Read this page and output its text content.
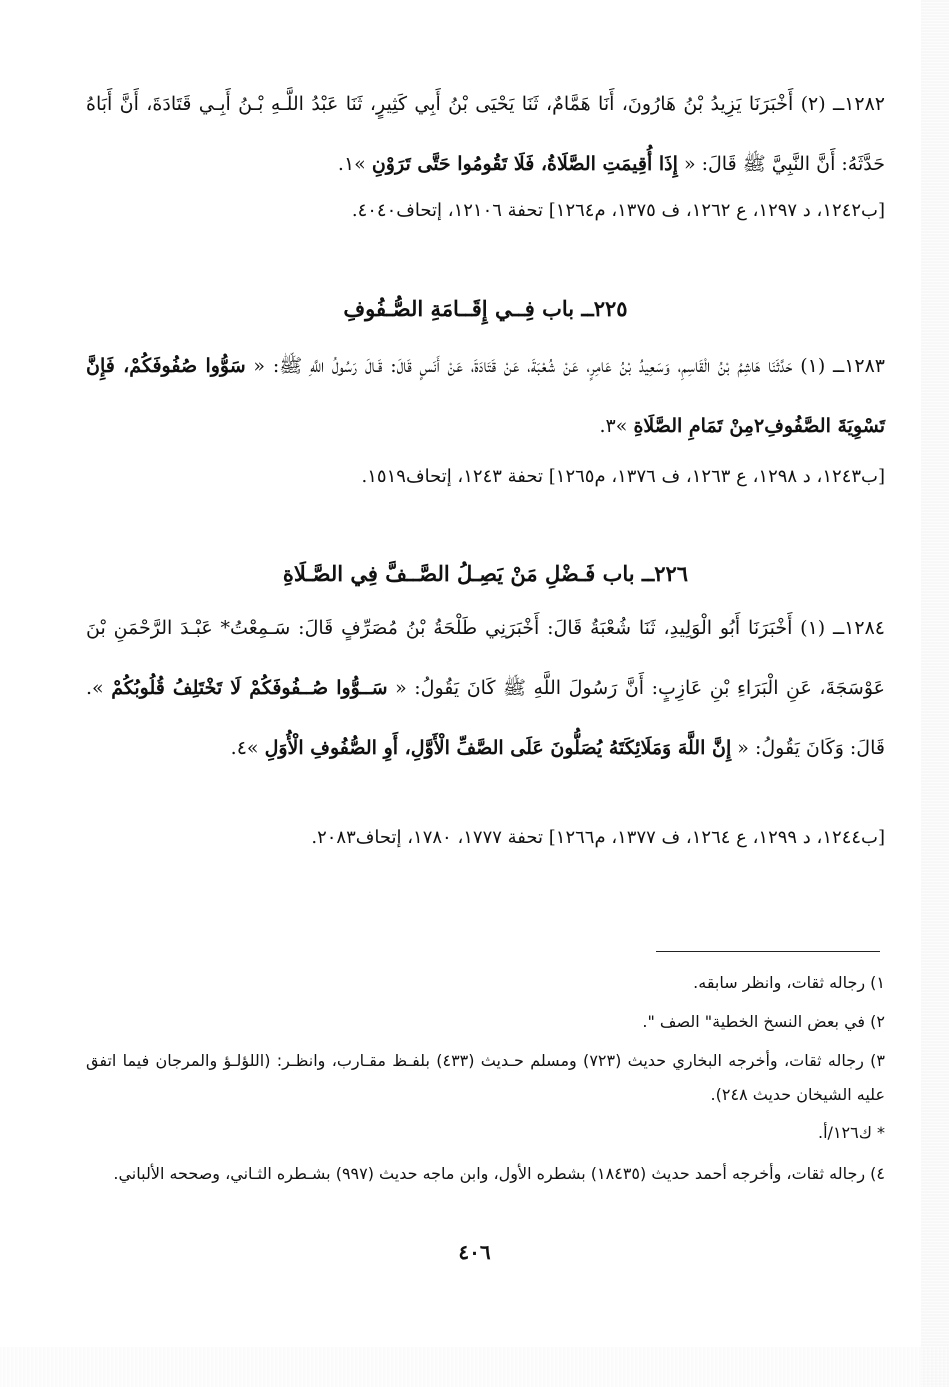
١٢٨٢ــ (٢) أَخْبَرَنَا يَزِيدُ بْنُ هَارُونَ، أَنَا هَمَّامٌ، ثَنَا يَحْيَى بْنُ أَبِي كَثِيرٍ، ثَنَا عَبْدُ اللَّـهِ بْـنُ أَبِـي قَتَادَةَ، أَنَّ أَبَاهُ حَدَّثَهُ: أَنَّ النَّبِيَّ ﷺ قَالَ: « إِذَا أُقِيمَتِ الصَّلَاةُ، فَلَا تَقُومُوا حَتَّى تَرَوْنِ »١.

[ب١٢٤٢، د ١٢٩٧، ع ١٢٦٢، ف ١٣٧٥، م١٢٦٤] تحفة ١٢١٠٦، إتحاف٤٠٤٠.

٢٢٥ــ باب فِــي إِقَــامَةِ الصُّـفُوفِ

١٢٨٣ــ (١) حَدَّثَنَا هَاشِمُ بْنُ الْقَاسِمِ، وَسَعِيدُ بْنُ عَامِرٍ، عَنْ شُعْبَةَ، عَنْ قَتَادَةَ، عَنْ أَنَسٍ قَالَ: قَـالَ رَسُولُ اللَّهِ ﷺ: « سَوُّوا صُفُوفَكُمْ، فَإِنَّ تَسْوِيَةَ الصَّفُوفِ٢مِنْ تَمَامِ الصَّلَاةِ »٣.

[ب١٢٤٣، د ١٢٩٨، ع ١٢٦٣، ف ١٣٧٦، م١٢٦٥] تحفة ١٢٤٣، إتحاف١٥١٩.

٢٢٦ــ باب فَـضْلِ مَنْ يَصِـلُ الصَّــفَّ فِي الصَّـلَاةِ

١٢٨٤ــ (١) أَخْبَرَنَا أَبُو الْوَلِيدِ، ثَنَا شُعْبَةُ قَالَ: أَخْبَرَنِي طَلْحَةُ بْنُ مُصَرِّفٍ قَالَ: سَـمِعْتُ* عَبْـدَ الرَّحْمَنِ بْنَ عَوْسَجَةَ، عَنِ الْبَرَاءِ بْنِ عَازِبٍ: أَنَّ رَسُولَ اللَّهِ ﷺ كَانَ يَقُولُ: « سَــوُّوا صُــفُوفَكُمْ لَا تَخْتَلِفُ قُلُوبُكُمْ ». قَالَ: وَكَانَ يَقُولُ: « إِنَّ اللَّهَ وَمَلَائِكَتَهُ يُصَلُّونَ عَلَى الصَّفِّ الْأَوَّلِ، أَوِ الصُّفُوفِ الْأُوَلِ »٤.

[ب١٢٤٤، د ١٢٩٩، ع ١٢٦٤، ف ١٣٧٧، م١٢٦٦] تحفة ١٧٧٧، ١٧٨٠، إتحاف٢٠٨٣.

١) رجاله ثقات، وانظر سابقه.

٢) في بعض النسخ الخطية" الصف ".

٣) رجاله ثقات، وأخرجه البخاري حديث (٧٢٣) ومسلم حـديث (٤٣٣) بلفـظ مقـارب، وانظـر: (اللؤلـؤ والمرجان فيما اتفق عليه الشيخان حديث ٢٤٨).

* ك١٢٦/أ.

٤) رجاله ثقات، وأخرجه أحمد حديث (١٨٤٣٥) بشطره الأول، وابن ماجه حديث (٩٩٧) بشـطره الثـاني، وصححه الألباني.

٤٠٦
